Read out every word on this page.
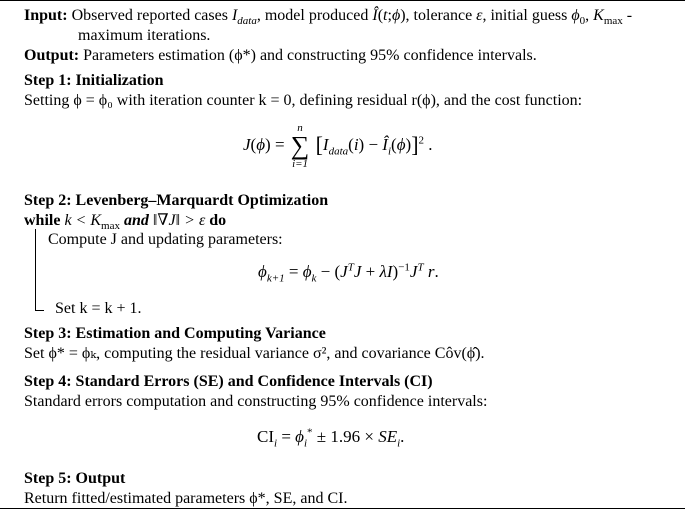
Input: Observed reported cases $I_{data}$, model produced Î(t;ϕ), tolerance ε, initial guess $\phi_0$, $K_{max}$ -
maximum iterations.
Output: Parameters estimation (ϕ*) and constructing 95% confidence intervals.
Step 1: Initialization
Setting ϕ = ϕ₀ with iteration counter k = 0, defining residual r(ϕ), and the cost function:
J(ϕ) =
n
∑
i=1
[$I_{data}(i)$ − $Î_i(\phi)]^2$ .
Step 2: Levenberg–Marquardt Optimization
while $k < K_{max}$ and ‖∇J‖ > ε do
Compute J and updating parameters:
$\phi_{k+1} = \phi_k - (J^TJ + \lambda I)^{-1}J^T$ r.
Set k = k + 1.
Step 3: Estimation and Computing Variance
Set ϕ* = ϕₖ, computing the residual variance σ², and covariance Côv(ϕ̂).
Step 4: Standard Errors (SE) and Confidence Intervals (CI)
Standard errors computation and constructing 95% confidence intervals:
$CI_i = \phi_i^* \pm 1.96 \times SE_i$.
Step 5: Output
Return fitted/estimated parameters ϕ*, SE, and CI.
